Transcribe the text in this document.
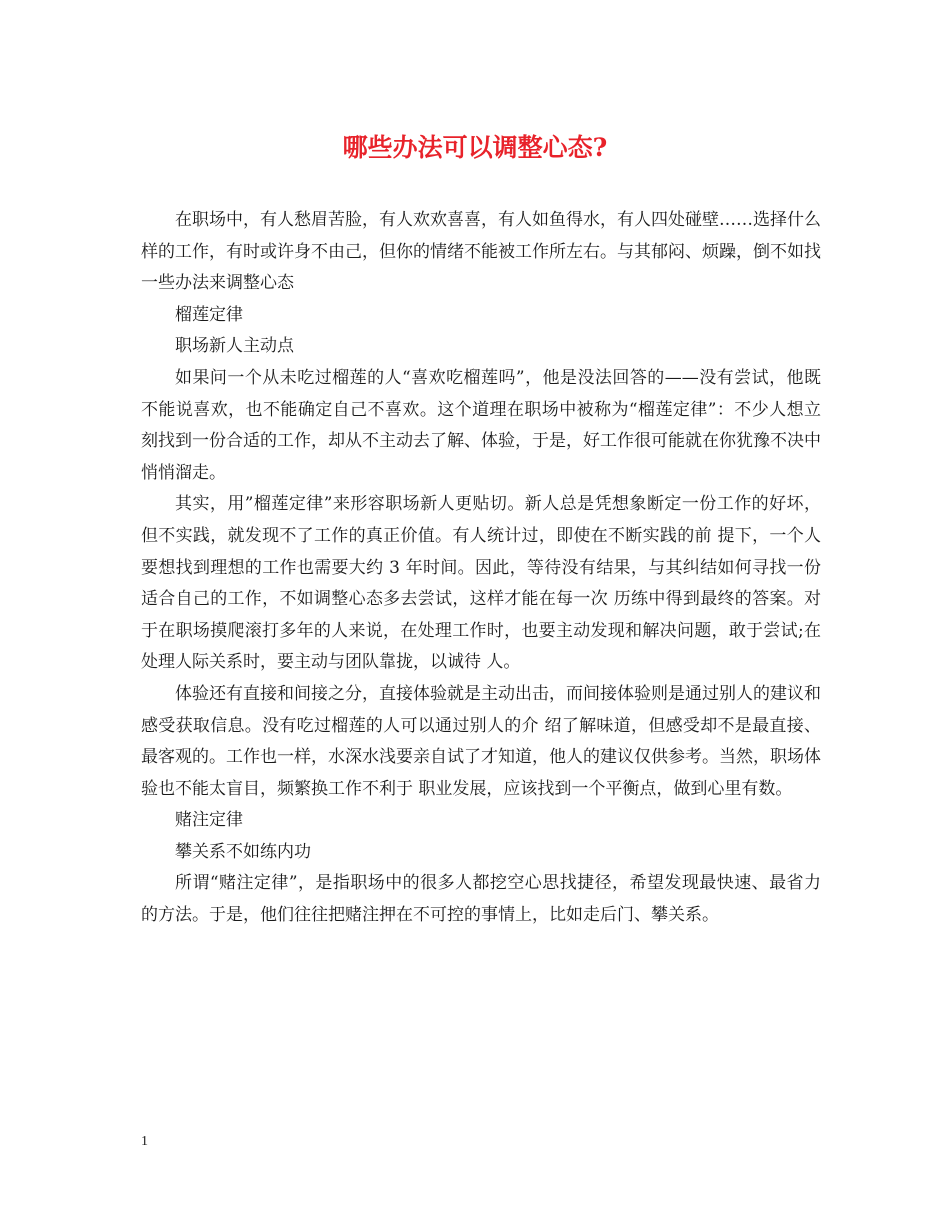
哪些办法可以调整心态?

在职场中，有人愁眉苦脸，有人欢欢喜喜，有人如鱼得水，有人四处碰壁……选择什么样的工作，有时或许身不由己，但你的情绪不能被工作所左右。与其郁闷、烦躁，倒不如找一些办法来调整心态

榴莲定律

职场新人主动点

如果问一个从未吃过榴莲的人“喜欢吃榴莲吗”，他是没法回答的——没有尝试，他既不能说喜欢，也不能确定自己不喜欢。这个道理在职场中被称为“榴莲定律”：不少人想立刻找到一份合适的工作，却从不主动去了解、体验，于是，好工作很可能就在你犹豫不决中悄悄溜走。

其实，用”榴莲定律”来形容职场新人更贴切。新人总是凭想象断定一份工作的好坏，但不实践，就发现不了工作的真正价值。有人统计过，即使在不断实践的前 提下，一个人要想找到理想的工作也需要大约 3 年时间。因此，等待没有结果，与其纠结如何寻找一份适合自己的工作，不如调整心态多去尝试，这样才能在每一次 历练中得到最终的答案。对于在职场摸爬滚打多年的人来说，在处理工作时，也要主动发现和解决问题，敢于尝试;在处理人际关系时，要主动与团队靠拢，以诚待 人。

体验还有直接和间接之分，直接体验就是主动出击，而间接体验则是通过别人的建议和感受获取信息。没有吃过榴莲的人可以通过别人的介 绍了解味道，但感受却不是最直接、最客观的。工作也一样，水深水浅要亲自试了才知道，他人的建议仅供参考。当然，职场体验也不能太盲目，频繁换工作不利于 职业发展，应该找到一个平衡点，做到心里有数。

赌注定律

攀关系不如练内功

所谓“赌注定律”，是指职场中的很多人都挖空心思找捷径，希望发现最快速、最省力的方法。于是，他们往往把赌注押在不可控的事情上，比如走后门、攀关系。

1
